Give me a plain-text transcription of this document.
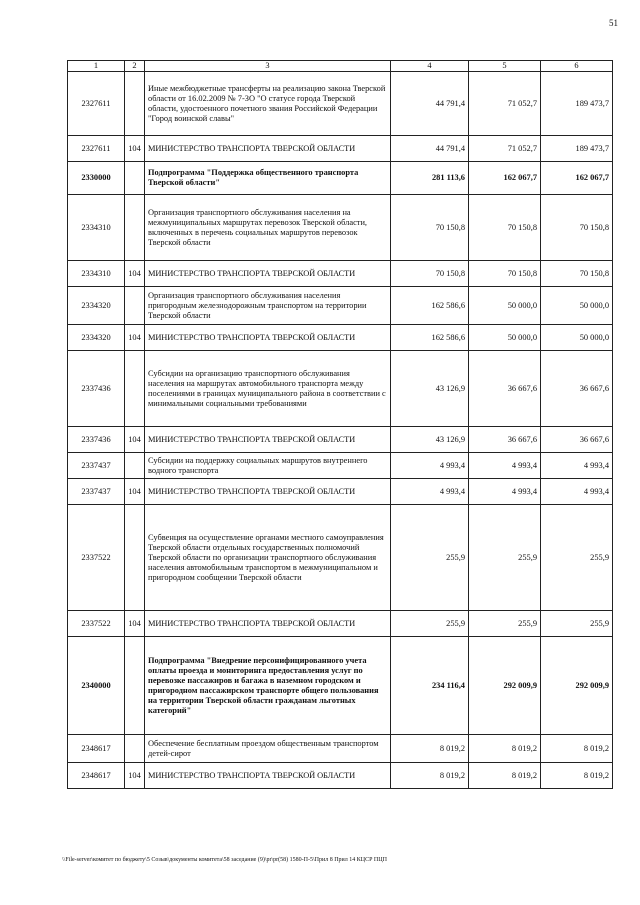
51
1	2	3	4	5	6
2327611		Иные межбюджетные трансферты на реализацию закона Тверской области от 16.02.2009 № 7-ЗО "О статусе города Тверской области, удостоенного почетного звания Российской Федерации "Город воинской славы"	44 791,4	71 052,7	189 473,7
2327611	104	МИНИСТЕРСТВО ТРАНСПОРТА ТВЕРСКОЙ ОБЛАСТИ	44 791,4	71 052,7	189 473,7
2330000		Подпрограмма "Поддержка общественного транспорта Тверской области"	281 113,6	162 067,7	162 067,7
2334310		Организация транспортного обслуживания населения на межмуниципальных маршрутах перевозок Тверской области, включенных в перечень социальных маршрутов перевозок Тверской области	70 150,8	70 150,8	70 150,8
2334310	104	МИНИСТЕРСТВО ТРАНСПОРТА ТВЕРСКОЙ ОБЛАСТИ	70 150,8	70 150,8	70 150,8
2334320		Организация транспортного обслуживания населения пригородным железнодорожным транспортом на территории Тверской области	162 586,6	50 000,0	50 000,0
2334320	104	МИНИСТЕРСТВО ТРАНСПОРТА ТВЕРСКОЙ ОБЛАСТИ	162 586,6	50 000,0	50 000,0
2337436		Субсидии на организацию транспортного обслуживания населения на маршрутах автомобильного транспорта между поселениями в границах муниципального района в соответствии с минимальными социальными требованиями	43 126,9	36 667,6	36 667,6
2337436	104	МИНИСТЕРСТВО ТРАНСПОРТА ТВЕРСКОЙ ОБЛАСТИ	43 126,9	36 667,6	36 667,6
2337437		Субсидии на поддержку социальных маршрутов внутреннего водного транспорта	4 993,4	4 993,4	4 993,4
2337437	104	МИНИСТЕРСТВО ТРАНСПОРТА ТВЕРСКОЙ ОБЛАСТИ	4 993,4	4 993,4	4 993,4
2337522		Субвенция на осуществление органами местного самоуправления Тверской области отдельных государственных полномочий Тверской области по организации транспортного обслуживания населения автомобильным транспортом в межмуниципальном и пригородном сообщении Тверской области	255,9	255,9	255,9
2337522	104	МИНИСТЕРСТВО ТРАНСПОРТА ТВЕРСКОЙ ОБЛАСТИ	255,9	255,9	255,9
2340000		Подпрограмма "Внедрение персонифицированного учета оплаты проезда и мониторинга предоставления услуг по перевозке пассажиров и багажа в наземном городском и пригородном пассажирском транспорте общего пользования на территории Тверской области гражданам льготных категорий"	234 116,4	292 009,9	292 009,9
2348617		Обеспечение бесплатным проездом общественным транспортом детей-сирот	8 019,2	8 019,2	8 019,2
2348617	104	МИНИСТЕРСТВО ТРАНСПОРТА ТВЕРСКОЙ ОБЛАСТИ	8 019,2	8 019,2	8 019,2
\\File-server\комитет по бюджету\5 Созыв\документы комитета\58 заседание (9)\pr\pr(58) 1580-П-5\Прил 8 Прил 14 КЦСР ПЦП
